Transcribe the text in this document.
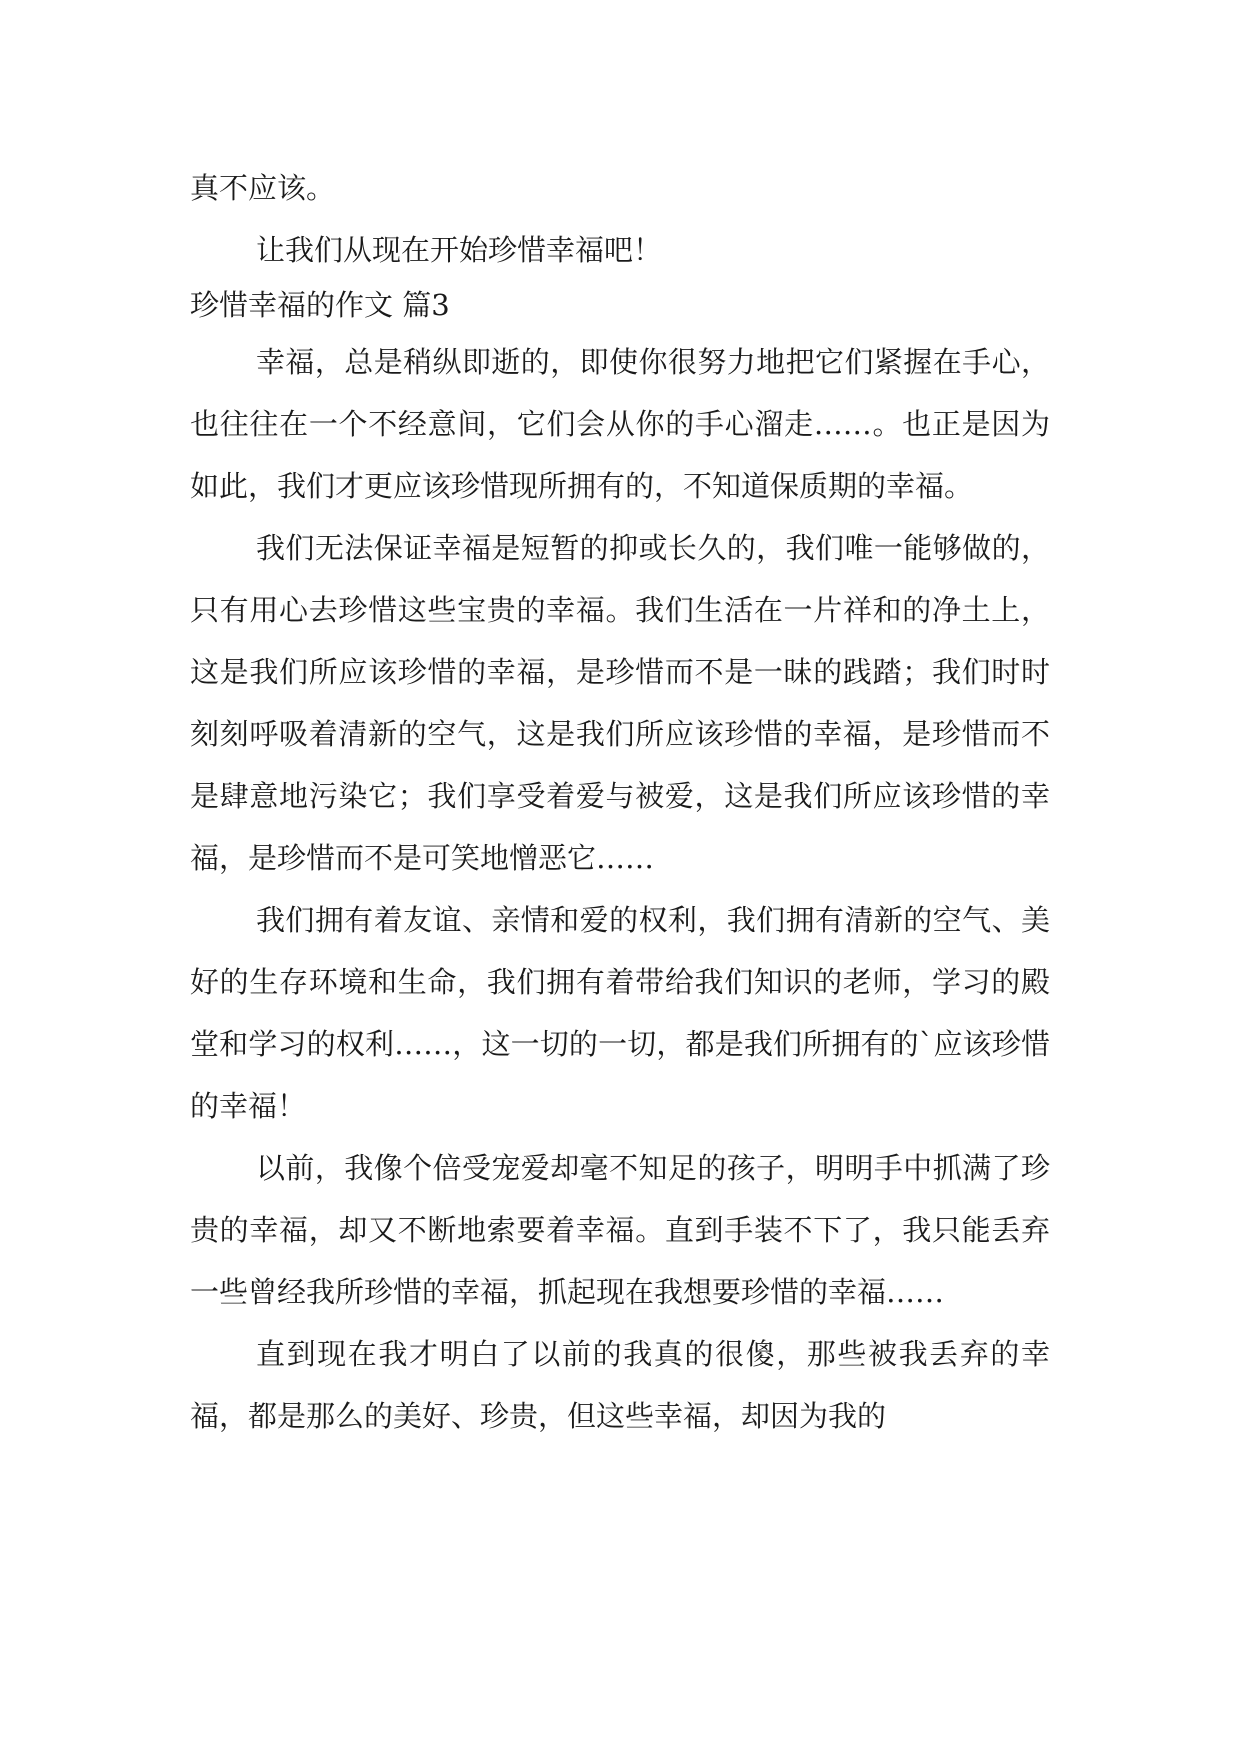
真不应该。

让我们从现在开始珍惜幸福吧！

珍惜幸福的作文 篇3

幸福，总是稍纵即逝的，即使你很努力地把它们紧握在手心，也往往在一个不经意间，它们会从你的手心溜走……。也正是因为如此，我们才更应该珍惜现所拥有的，不知道保质期的幸福。

我们无法保证幸福是短暂的抑或长久的，我们唯一能够做的，只有用心去珍惜这些宝贵的幸福。我们生活在一片祥和的净土上，这是我们所应该珍惜的幸福，是珍惜而不是一昧的践踏；我们时时刻刻呼吸着清新的空气，这是我们所应该珍惜的幸福，是珍惜而不是肆意地污染它；我们享受着爱与被爱，这是我们所应该珍惜的幸福，是珍惜而不是可笑地憎恶它……

我们拥有着友谊、亲情和爱的权利，我们拥有清新的空气、美好的生存环境和生命，我们拥有着带给我们知识的老师，学习的殿堂和学习的权利……，这一切的一切，都是我们所拥有的`应该珍惜的幸福！

以前，我像个倍受宠爱却毫不知足的孩子，明明手中抓满了珍贵的幸福，却又不断地索要着幸福。直到手装不下了，我只能丢弃一些曾经我所珍惜的幸福，抓起现在我想要珍惜的幸福……

直到现在我才明白了以前的我真的很傻，那些被我丢弃的幸福，都是那么的美好、珍贵，但这些幸福，却因为我的
